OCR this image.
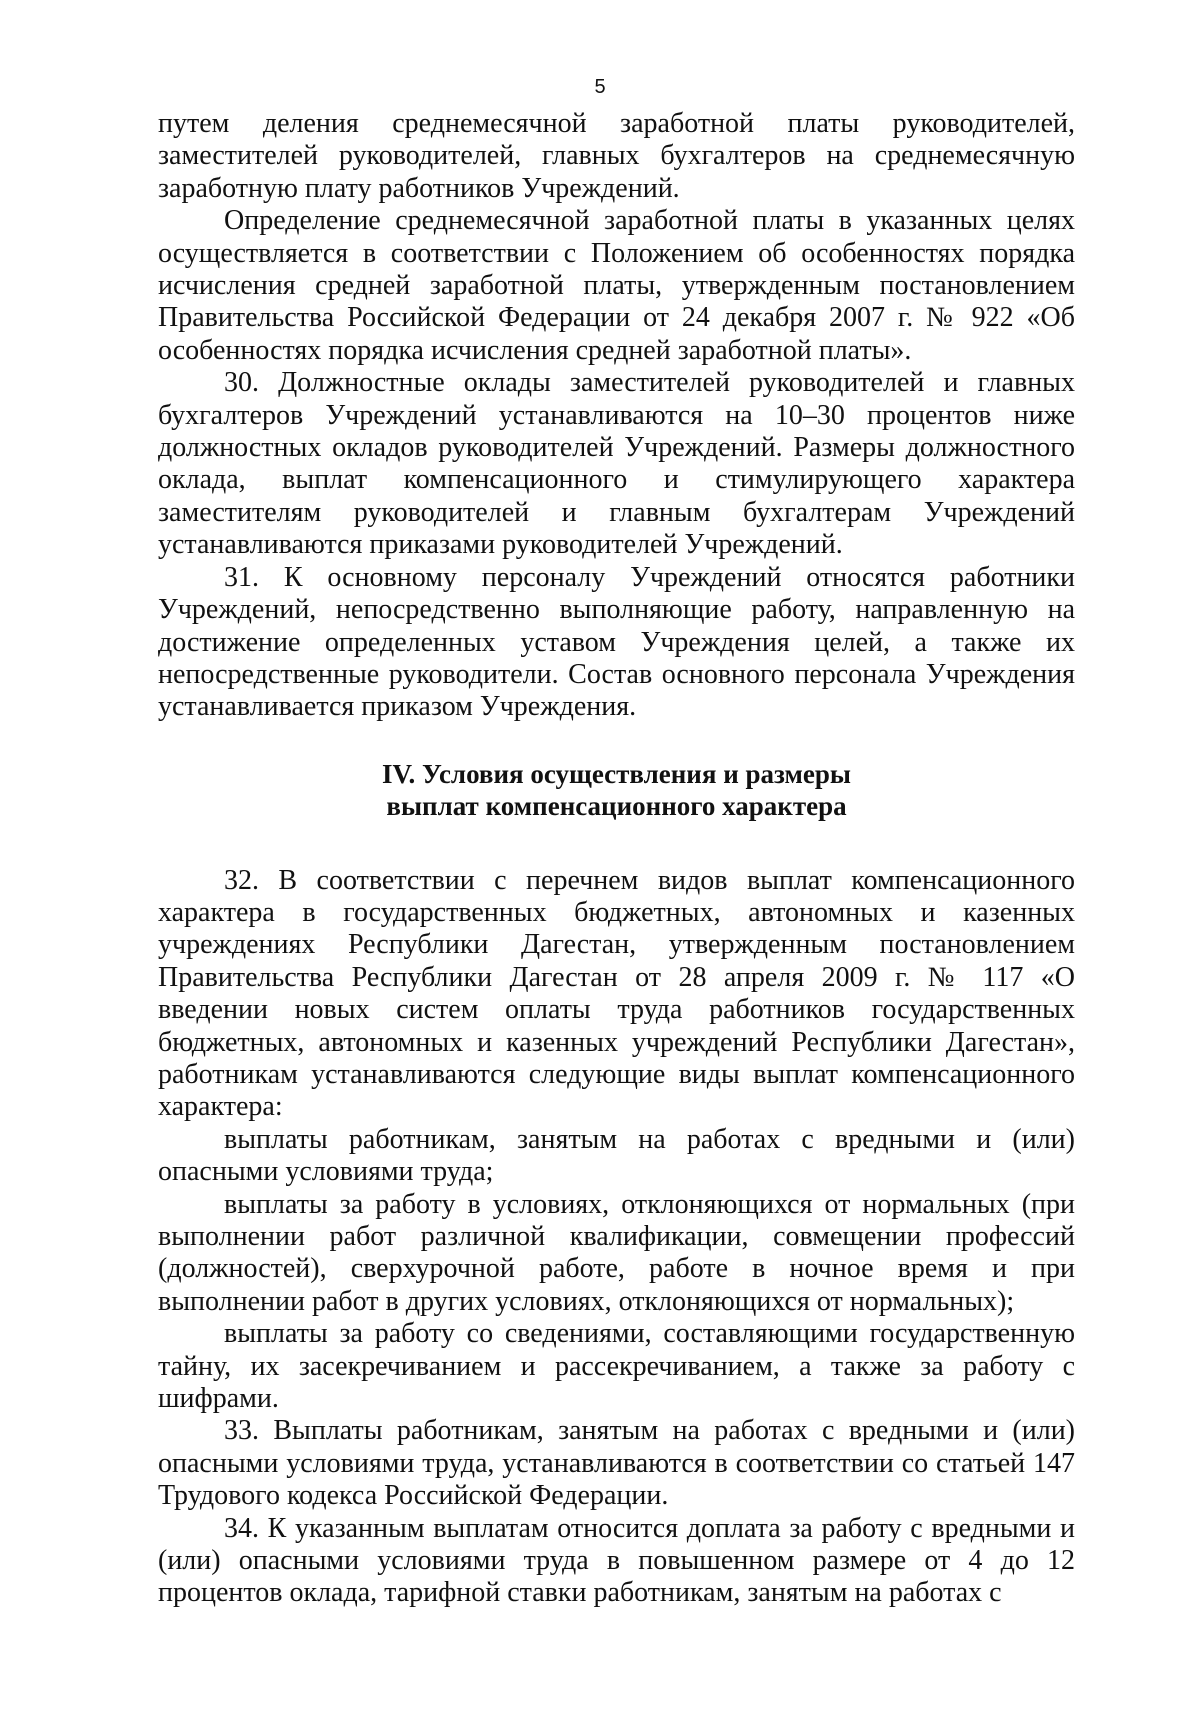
5

путем деления среднемесячной заработной платы руководителей, заместителей руководителей, главных бухгалтеров на среднемесячную заработную плату работников Учреждений.

Определение среднемесячной заработной платы в указанных целях осуществляется в соответствии с Положением об особенностях порядка исчисления средней заработной платы, утвержденным постановлением Правительства Российской Федерации от 24 декабря 2007 г. № 922 «Об особенностях порядка исчисления средней заработной платы».

30. Должностные оклады заместителей руководителей и главных бухгалтеров Учреждений устанавливаются на 10–30 процентов ниже должностных окладов руководителей Учреждений. Размеры должностного оклада, выплат компенсационного и стимулирующего характера заместителям руководителей и главным бухгалтерам Учреждений устанавливаются приказами руководителей Учреждений.

31. К основному персоналу Учреждений относятся работники Учреждений, непосредственно выполняющие работу, направленную на достижение определенных уставом Учреждения целей, а также их непосредственные руководители. Состав основного персонала Учреждения устанавливается приказом Учреждения.

IV. Условия осуществления и размеры
выплат компенсационного характера

32. В соответствии с перечнем видов выплат компенсационного характера в государственных бюджетных, автономных и казенных учреждениях Республики Дагестан, утвержденным постановлением Правительства Республики Дагестан от 28 апреля 2009 г. № 117 «О введении новых систем оплаты труда работников государственных бюджетных, автономных и казенных учреждений Республики Дагестан», работникам устанавливаются следующие виды выплат компенсационного характера:

выплаты работникам, занятым на работах с вредными и (или) опасными условиями труда;

выплаты за работу в условиях, отклоняющихся от нормальных (при выполнении работ различной квалификации, совмещении профессий (должностей), сверхурочной работе, работе в ночное время и при выполнении работ в других условиях, отклоняющихся от нормальных);

выплаты за работу со сведениями, составляющими государственную тайну, их засекречиванием и рассекречиванием, а также за работу с шифрами.

33. Выплаты работникам, занятым на работах с вредными и (или) опасными условиями труда, устанавливаются в соответствии со статьей 147 Трудового кодекса Российской Федерации.

34. К указанным выплатам относится доплата за работу с вредными и (или) опасными условиями труда в повышенном размере от 4 до 12 процентов оклада, тарифной ставки работникам, занятым на работах с
